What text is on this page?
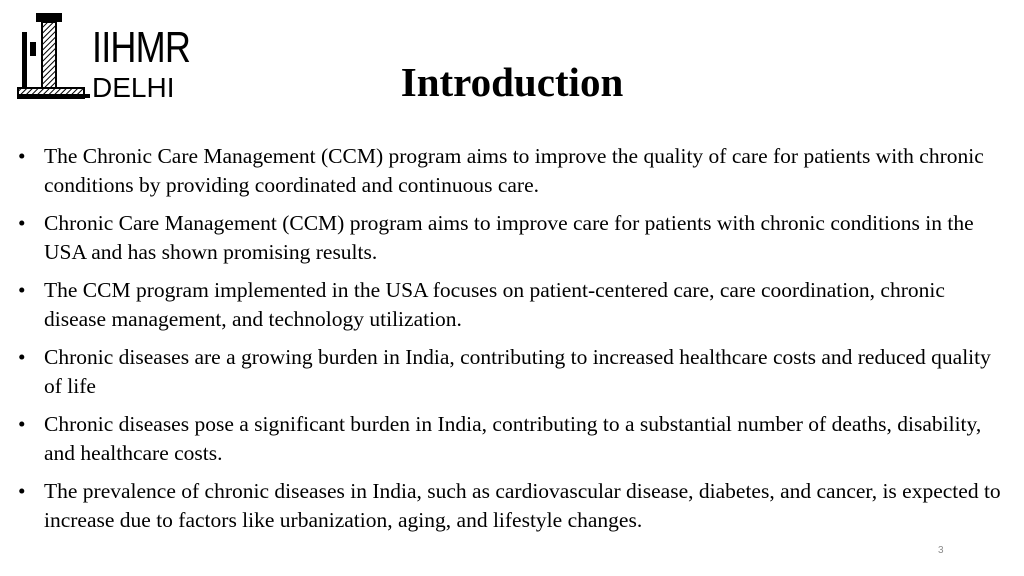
IIHMR
DELHI	Introduction
• The Chronic Care Management (CCM) program aims to improve the quality of care for patients with chronic conditions by providing coordinated and continuous care.
• Chronic Care Management (CCM) program aims to improve care for patients with chronic conditions in the USA and has shown promising results.
• The CCM program implemented in the USA focuses on patient-centered care, care coordination, chronic disease management, and technology utilization.
• Chronic diseases are a growing burden in India, contributing to increased healthcare costs and reduced quality of life
• Chronic diseases pose a significant burden in India, contributing to a substantial number of deaths, disability, and healthcare costs.
• The prevalence of chronic diseases in India, such as cardiovascular disease, diabetes, and cancer, is expected to increase due to factors like urbanization, aging, and lifestyle changes.
3
